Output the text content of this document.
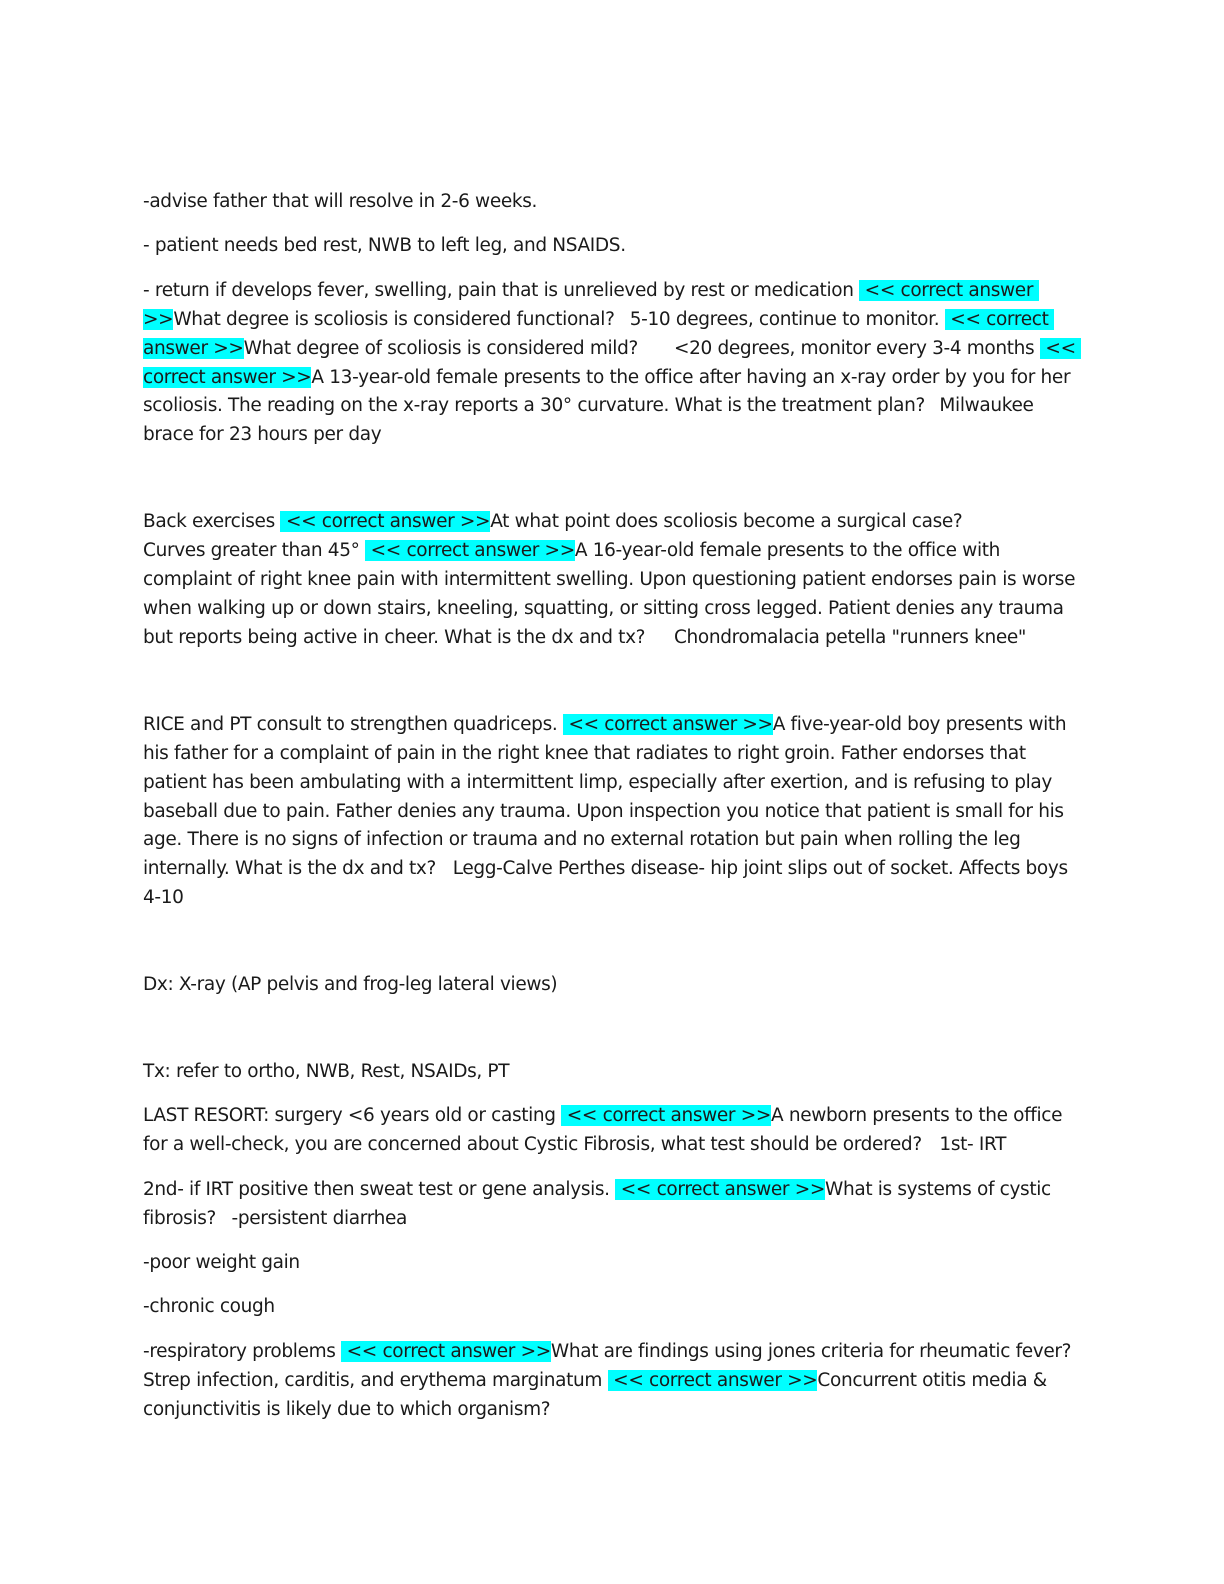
-advise father that will resolve in 2-6 weeks.

- patient needs bed rest, NWB to left leg, and NSAIDS.

- return if develops fever, swelling, pain that is unrelieved by rest or medication  << correct answer >>What degree is scoliosis is considered functional?	5-10 degrees, continue to monitor.  << correct answer >>What degree of scoliosis is considered mild?	<20 degrees, monitor every 3-4 months  << correct answer >>A 13-year-old female presents to the office after having an x-ray order by you for her scoliosis. The reading on the x-ray reports a 30° curvature. What is the treatment plan?	Milwaukee brace for 23 hours per day

Back exercises  << correct answer >>At what point does scoliosis become a surgical case?		Curves greater than 45°  << correct answer >>A 16-year-old female presents to the office with complaint of right knee pain with intermittent swelling. Upon questioning patient endorses pain is worse when walking up or down stairs, kneeling, squatting, or sitting cross legged. Patient denies any trauma but reports being active in cheer. What is the dx and tx?	Chondromalacia petella "runners knee"

RICE and PT consult to strengthen quadriceps.  << correct answer >>A five-year-old boy presents with his father for a complaint of pain in the right knee that radiates to right groin. Father endorses that patient has been ambulating with a intermittent limp, especially after exertion, and is refusing to play baseball due to pain. Father denies any trauma. Upon inspection you notice that patient is small for his age. There is no signs of infection or trauma and no external rotation but pain when rolling the leg internally. What is the dx and tx?	Legg-Calve Perthes disease- hip joint slips out of socket. Affects boys 4-10

Dx: X-ray (AP pelvis and frog-leg lateral views)

Tx: refer to ortho, NWB, Rest, NSAIDs, PT

LAST RESORT: surgery <6 years old or casting  << correct answer >>A newborn presents to the office for a well-check, you are concerned about Cystic Fibrosis, what test should be ordered?	1st- IRT

2nd- if IRT positive then sweat test or gene analysis.  << correct answer >>What is systems of cystic fibrosis?	-persistent diarrhea

-poor weight gain

-chronic cough

-respiratory problems  << correct answer >>What are findings using jones criteria for rheumatic fever?	Strep infection, carditis, and erythema marginatum  << correct answer >>Concurrent otitis media & conjunctivitis is likely due to which organism?
